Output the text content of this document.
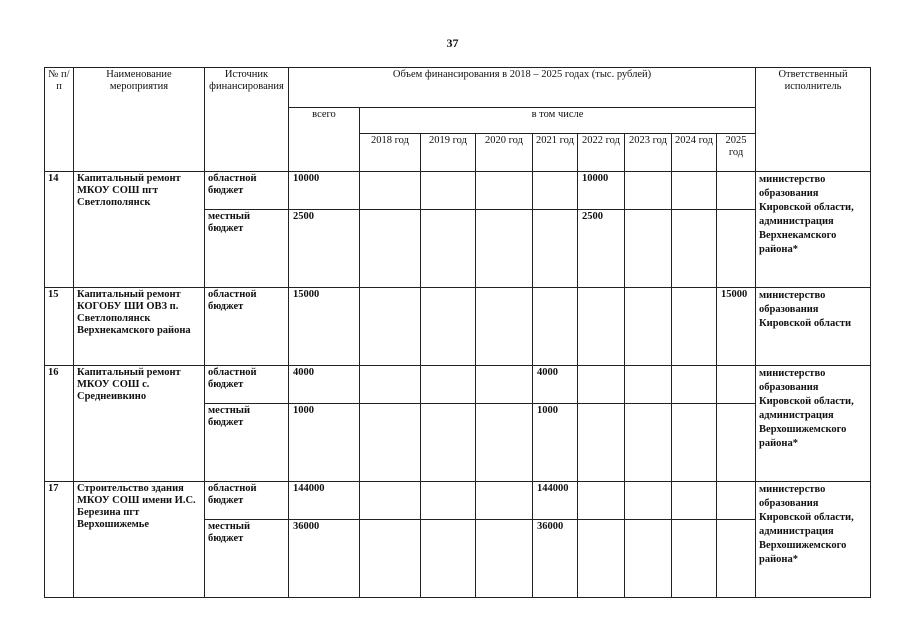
37
№ п/п	Наименование мероприятия	Источник финансирования	Объем финансирования в 2018 – 2025 годах (тыс. рублей)									Ответственный исполнитель
			всего	в том числе								
				2018 год	2019 год	2020 год	2021 год	2022 год	2023 год	2024 год	2025 год	
14	Капитальный ремонт МКОУ СОШ пгт Светлополянск	областной бюджет	10000					10000				министерство образования Кировской области, администрация Верхнекамского района*
		местный бюджет	2500					2500				
15	Капитальный ремонт КОГОБУ ШИ ОВЗ п. Светлополянск Верхнекамского района	областной бюджет	15000								15000	министерство образования Кировской области
16	Капитальный ремонт МКОУ СОШ с. Среднеивкино	областной бюджет	4000				4000					министерство образования Кировской области, администрация Верхошижемского района*
		местный бюджет	1000				1000					
17	Строительство здания МКОУ СОШ имени И.С. Березина пгт Верхошижемье	областной бюджет	144000				144000					министерство образования Кировской области, администрация Верхошижемского района*
		местный бюджет	36000				36000					
